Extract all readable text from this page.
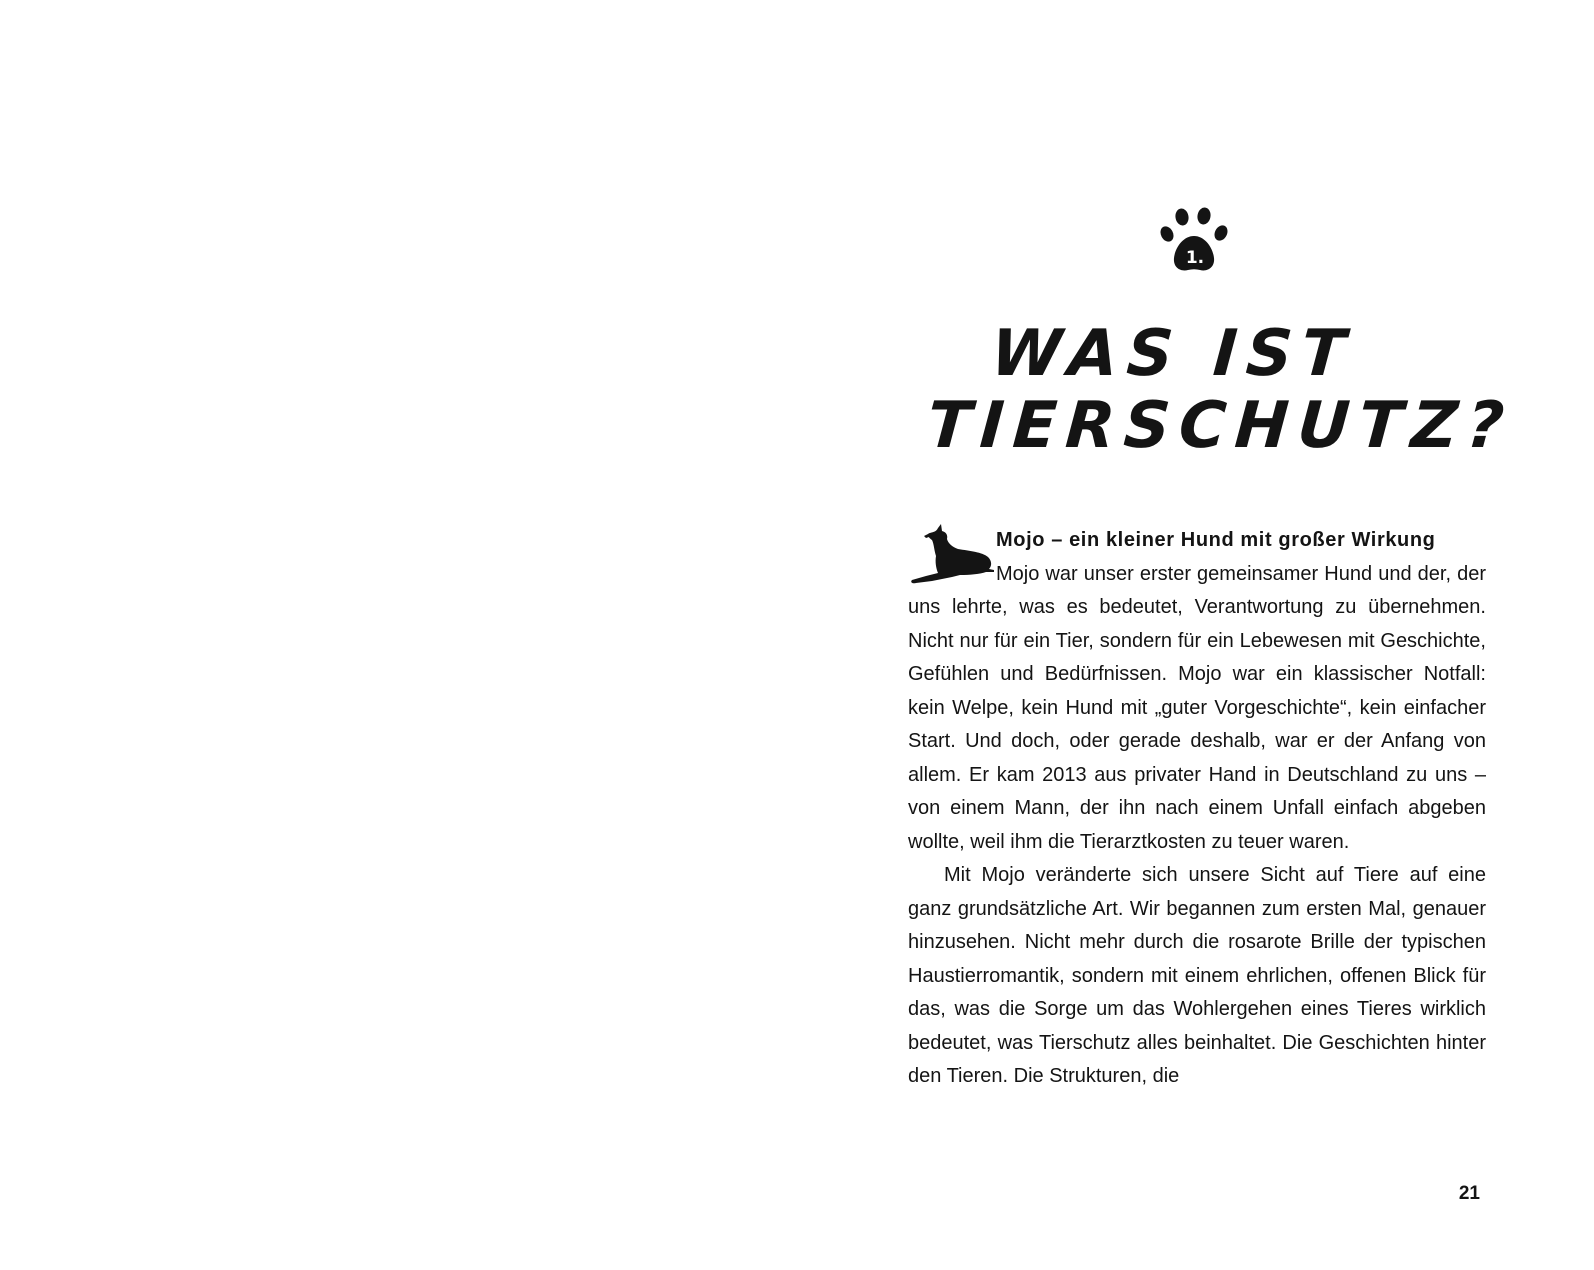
1.
WAS IST
TIERSCHUTZ?

Mojo – ein kleiner Hund mit großer Wirkung

Mojo war unser erster gemeinsamer Hund und der, der uns lehrte, was es bedeutet, Verantwortung zu übernehmen. Nicht nur für ein Tier, sondern für ein Lebewesen mit Geschichte, Gefühlen und Bedürfnissen. Mojo war ein klassischer Notfall: kein Welpe, kein Hund mit „guter Vorgeschichte“, kein einfacher Start. Und doch, oder gerade deshalb, war er der Anfang von allem. Er kam 2013 aus privater Hand in Deutschland zu uns – von einem Mann, der ihn nach einem Unfall einfach abgeben wollte, weil ihm die Tierarztkosten zu teuer waren.

Mit Mojo veränderte sich unsere Sicht auf Tiere auf eine ganz grundsätzliche Art. Wir begannen zum ersten Mal, genauer hinzusehen. Nicht mehr durch die rosarote Brille der typischen Haustierromantik, sondern mit einem ehrlichen, offenen Blick für das, was die Sorge um das Wohlergehen eines Tieres wirklich bedeutet, was Tierschutz alles beinhaltet. Die Geschichten hinter den Tieren. Die Strukturen, die

21
